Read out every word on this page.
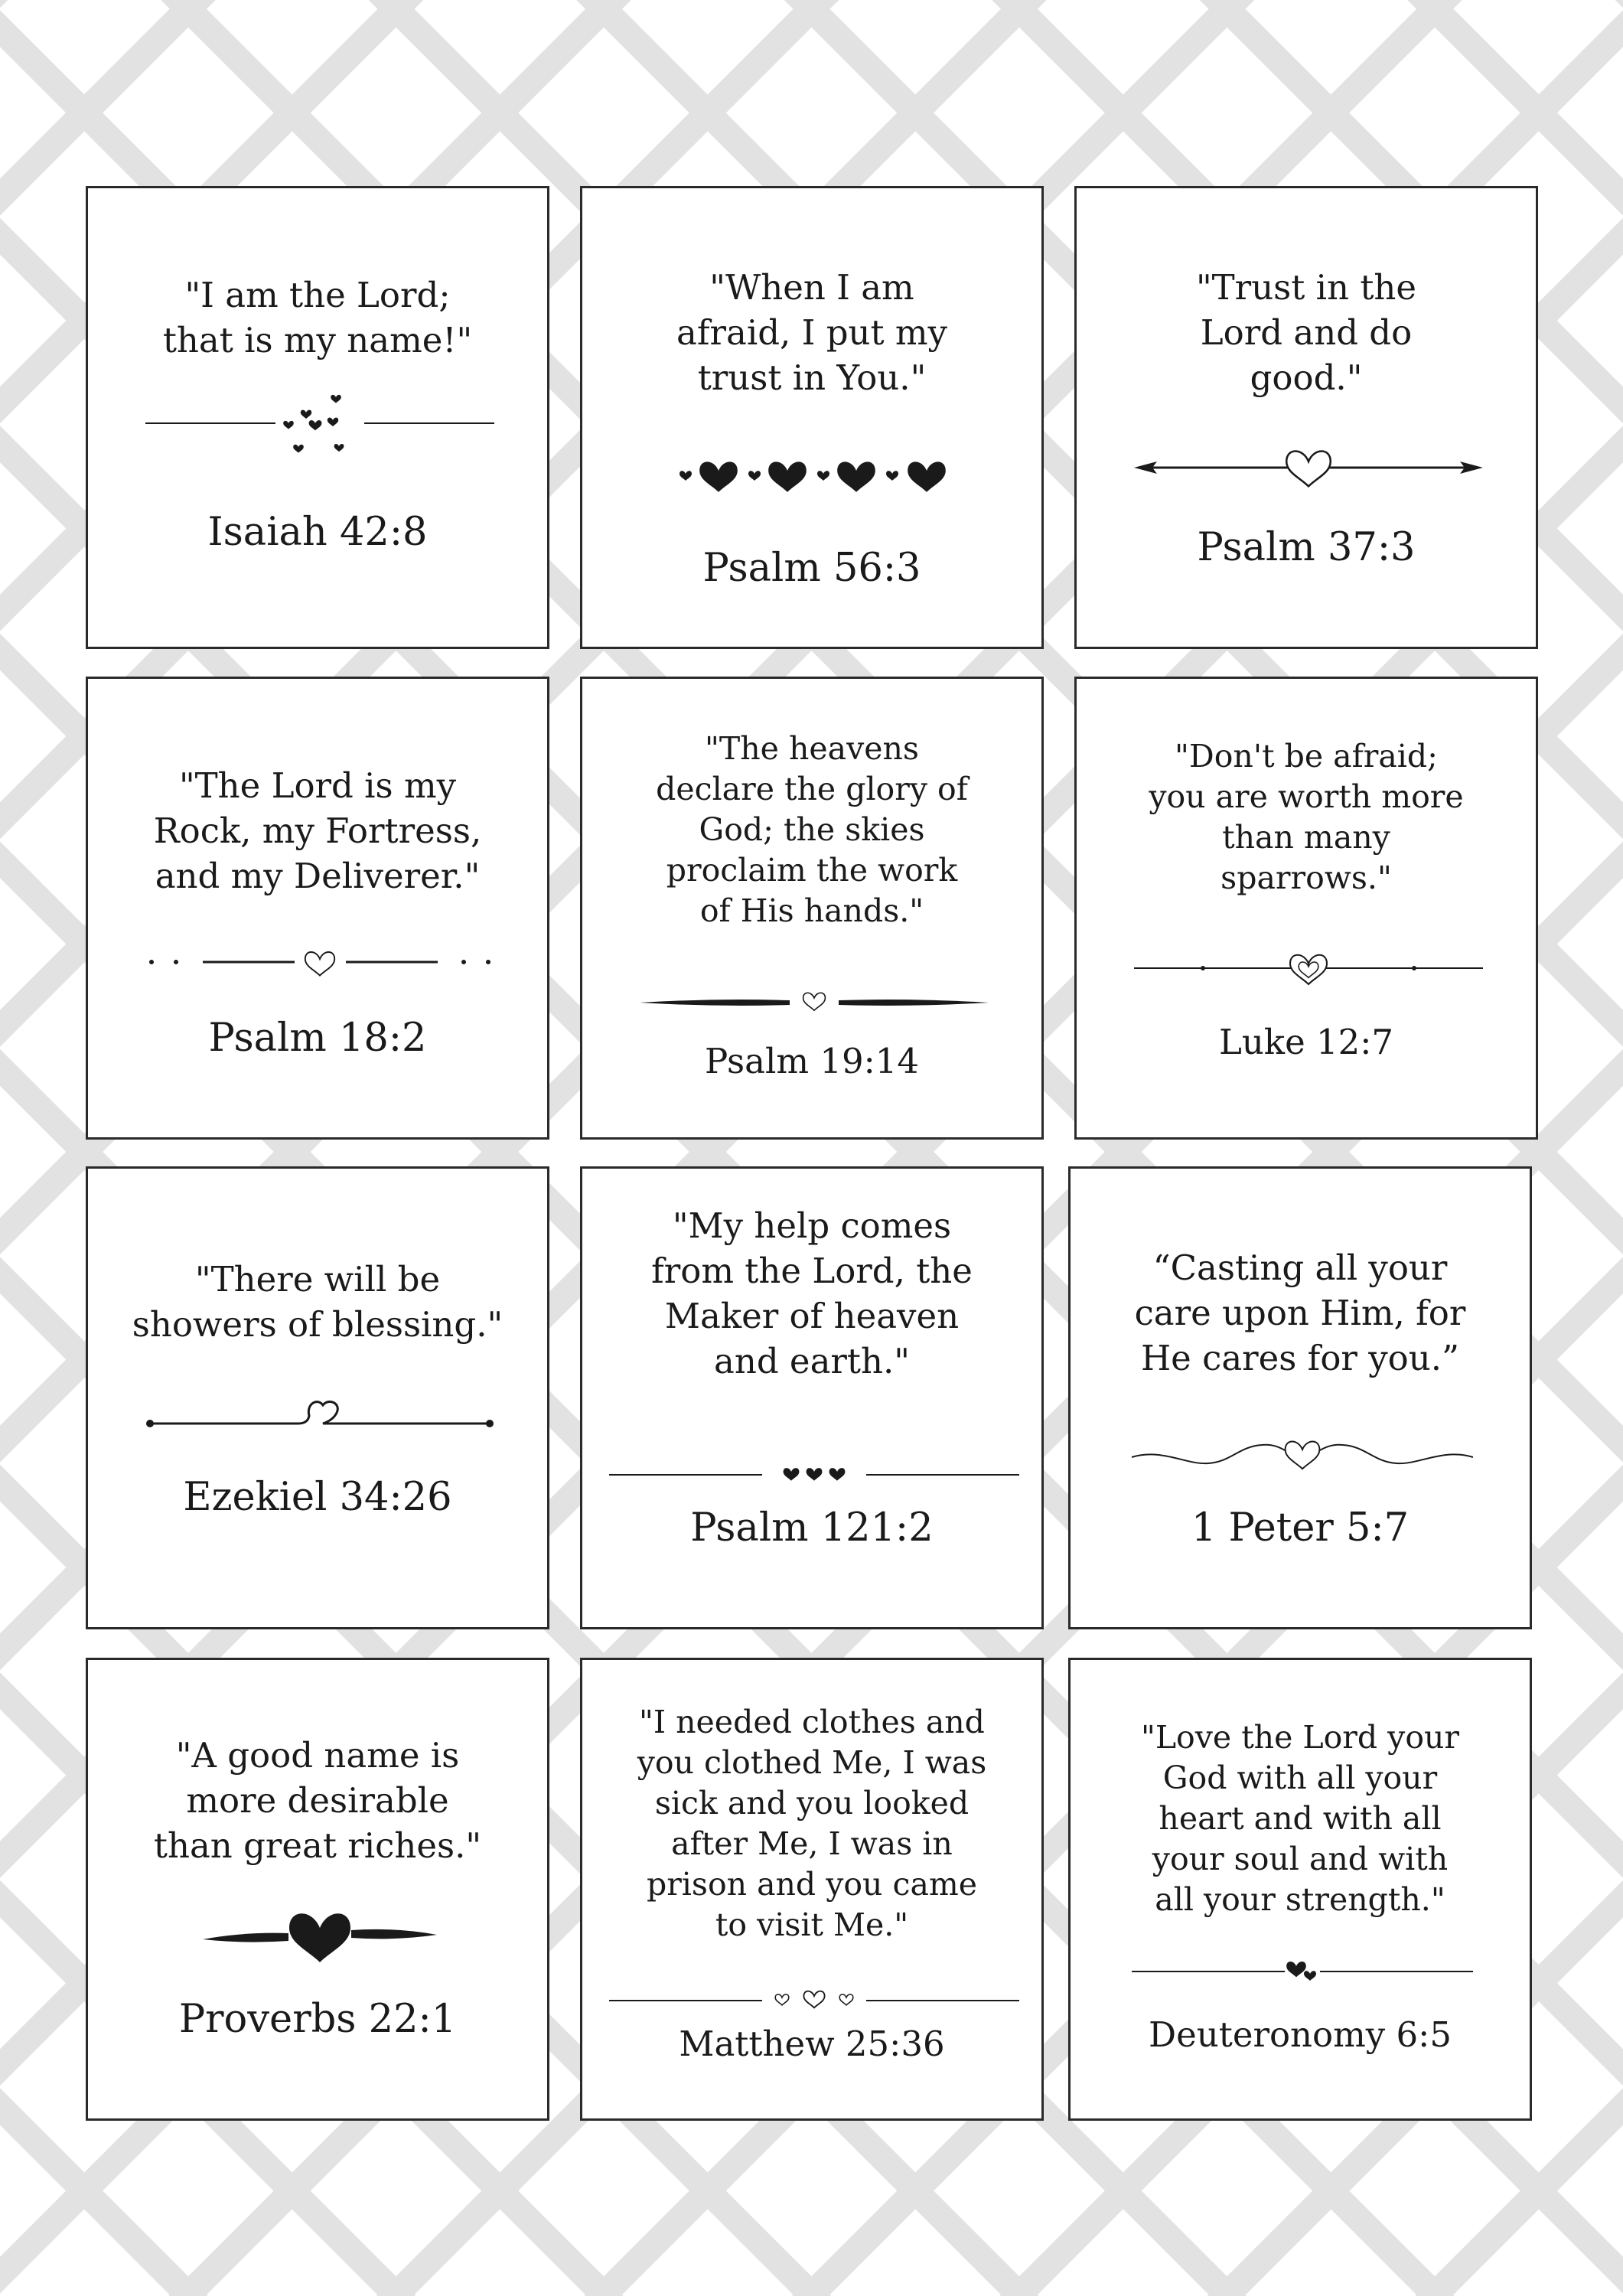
"I am the Lord;
that is my name!"

Isaiah 42:8

"When I am
afraid, I put my
trust in You."

Psalm 56:3

"Trust in the
Lord and do
good."

Psalm 37:3

"The Lord is my
Rock, my Fortress,
and my Deliverer."

Psalm 18:2

"The heavens
declare the glory of
God; the skies
proclaim the work
of His hands."

Psalm 19:14

"Don't be afraid;
you are worth more
than many
sparrows."

Luke 12:7

"There will be
showers of blessing."

Ezekiel 34:26

"My help comes
from the Lord, the
Maker of heaven
and earth."

Psalm 121:2

“Casting all your
care upon Him, for
He cares for you.”

1 Peter 5:7

"A good name is
more desirable
than great riches."

Proverbs 22:1

"I needed clothes and
you clothed Me, I was
sick and you looked
after Me, I was in
prison and you came
to visit Me."

Matthew 25:36

"Love the Lord your
God with all your
heart and with all
your soul and with
all your strength."

Deuteronomy 6:5
